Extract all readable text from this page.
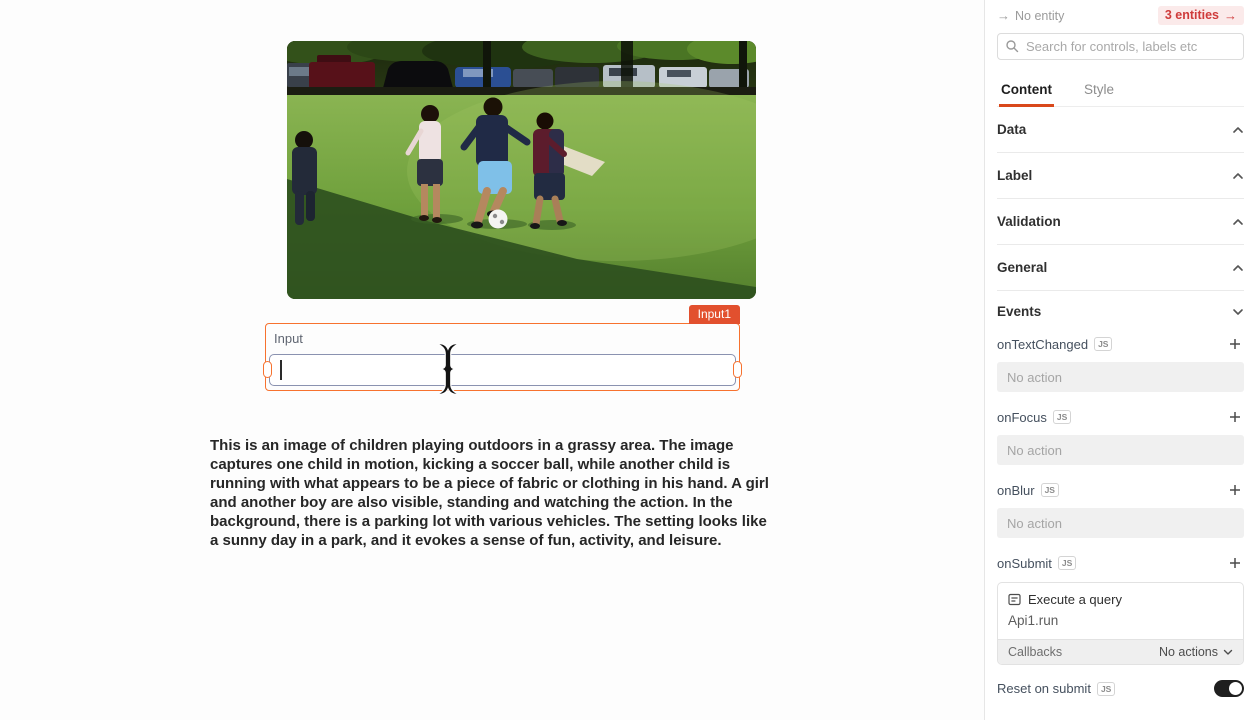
Input1
Input
This is an image of children playing outdoors in a grassy area. The image captures one child in motion, kicking a soccer ball, while another child is running with what appears to be a piece of fabric or clothing in his hand. A girl and another boy are also visible, standing and watching the action. In the background, there is a parking lot with various vehicles. The setting looks like a sunny day in a park, and it evokes a sense of fun, activity, and leisure.
→ No entity	3 entities →
Search for controls, labels etc
Content Style
Data
Label
Validation
General
Events
onTextChanged	JS
No action
onFocus	JS
No action
onBlur	JS
No action
onSubmit	JS
Execute a query
Api1.run
Callbacks	No actions
Reset on submit	JS
